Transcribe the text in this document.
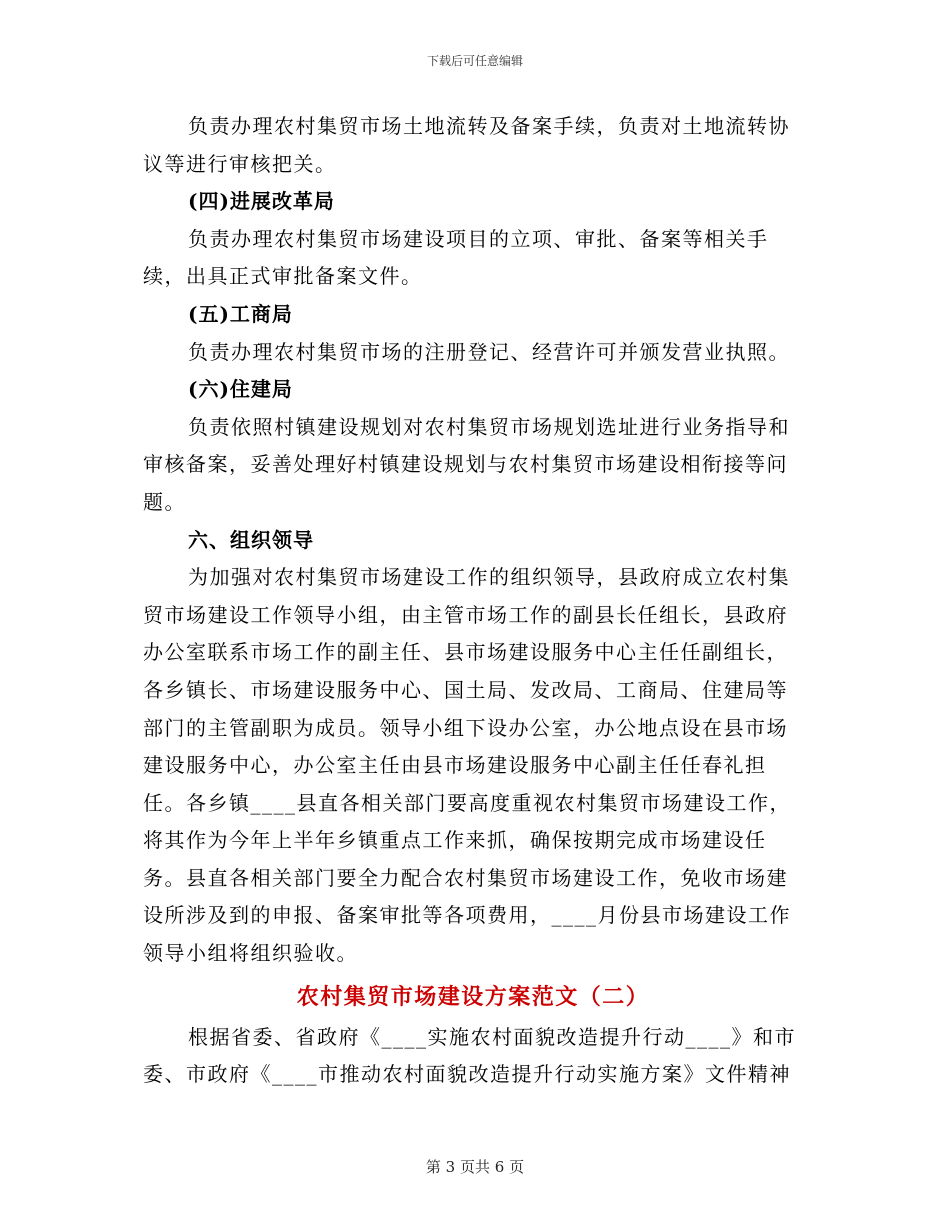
下载后可任意编辑

负责办理农村集贸市场土地流转及备案手续，负责对土地流转协议等进行审核把关。

(四)进展改革局

负责办理农村集贸市场建设项目的立项、审批、备案等相关手续，出具正式审批备案文件。

(五)工商局

负责办理农村集贸市场的注册登记、经营许可并颁发营业执照。

(六)住建局

负责依照村镇建设规划对农村集贸市场规划选址进行业务指导和审核备案，妥善处理好村镇建设规划与农村集贸市场建设相衔接等问题。

六、组织领导

为加强对农村集贸市场建设工作的组织领导，县政府成立农村集贸市场建设工作领导小组，由主管市场工作的副县长任组长，县政府办公室联系市场工作的副主任、县市场建设服务中心主任任副组长，各乡镇长、市场建设服务中心、国土局、发改局、工商局、住建局等部门的主管副职为成员。领导小组下设办公室，办公地点设在县市场建设服务中心，办公室主任由县市场建设服务中心副主任任春礼担任。各乡镇____县直各相关部门要高度重视农村集贸市场建设工作，将其作为今年上半年乡镇重点工作来抓，确保按期完成市场建设任务。县直各相关部门要全力配合农村集贸市场建设工作，免收市场建设所涉及到的申报、备案审批等各项费用，____月份县市场建设工作领导小组将组织验收。

农村集贸市场建设方案范文（二）

根据省委、省政府《____实施农村面貌改造提升行动____》和市委、市政府《____市推动农村面貌改造提升行动实施方案》文件精神

第 3 页共 6 页
